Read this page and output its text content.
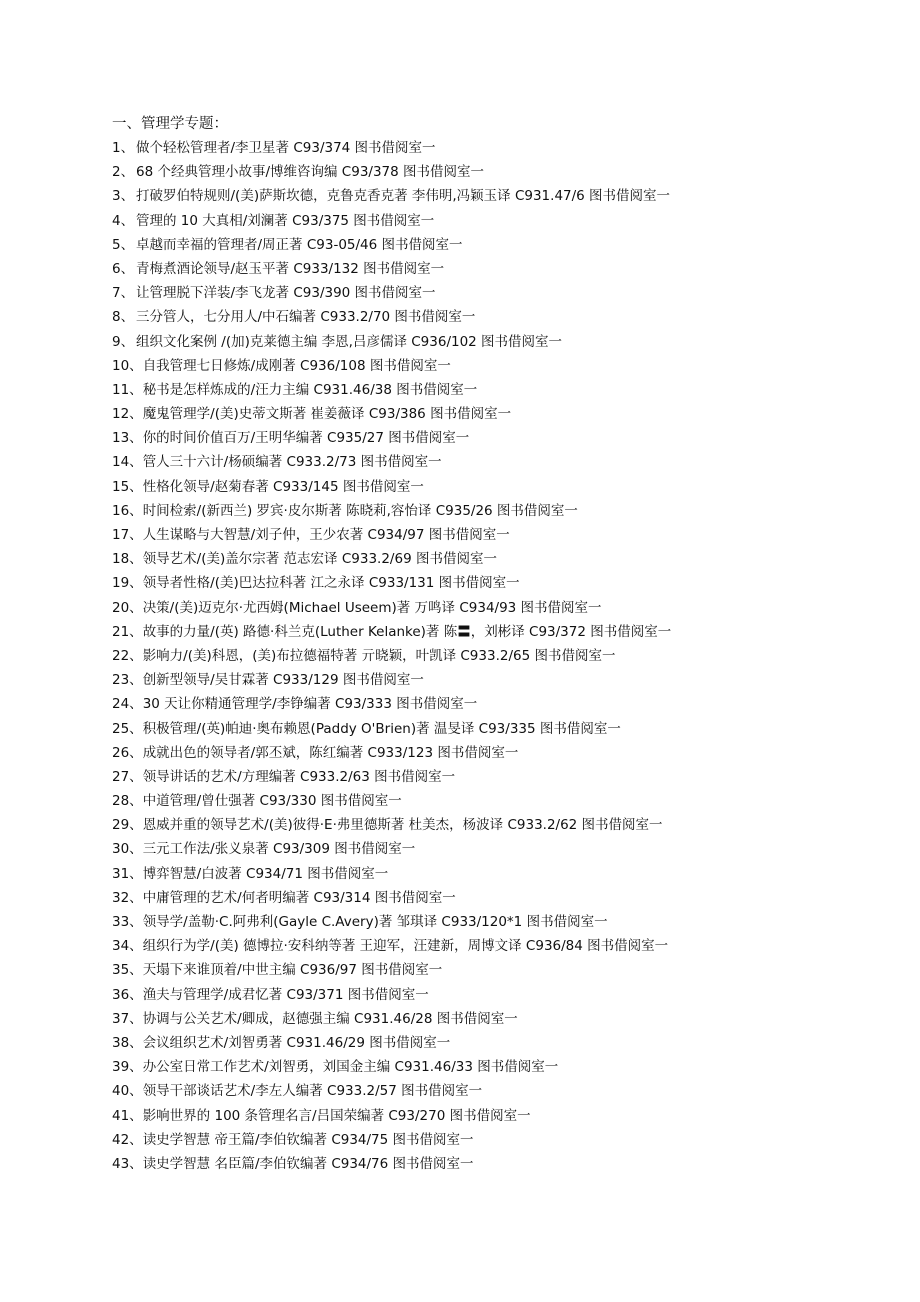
一、管理学专题：
1、 做个轻松管理者/李卫星著 C93/374 图书借阅室一
2、 68 个经典管理小故事/博维咨询编 C93/378 图书借阅室一
3、 打破罗伯特规则/(美)萨斯坎德，克鲁克香克著 李伟明,冯颖玉译 C931.47/6 图书借阅室一
4、 管理的 10 大真相/刘澜著 C93/375 图书借阅室一
5、 卓越而幸福的管理者/周正著 C93-05/46 图书借阅室一
6、 青梅煮酒论领导/赵玉平著 C933/132 图书借阅室一
7、 让管理脱下洋装/李飞龙著 C93/390 图书借阅室一
8、 三分管人，七分用人/中石编著 C933.2/70 图书借阅室一
9、 组织文化案例 /(加)克莱德主编 李恩,吕彦儒译 C936/102 图书借阅室一
10、自我管理七日修炼/成刚著 C936/108 图书借阅室一
11、秘书是怎样炼成的/汪力主编 C931.46/38 图书借阅室一
12、魔鬼管理学/(美)史蒂文斯著 崔姜薇译 C93/386 图书借阅室一
13、你的时间价值百万/王明华编著 C935/27 图书借阅室一
14、管人三十六计/杨硕编著 C933.2/73 图书借阅室一
15、性格化领导/赵菊春著 C933/145 图书借阅室一
16、时间检索/(新西兰) 罗宾·皮尔斯著 陈晓莉,容怡译 C935/26 图书借阅室一
17、人生谋略与大智慧/刘子仲，王少农著 C934/97 图书借阅室一
18、领导艺术/(美)盖尔宗著 范志宏译 C933.2/69 图书借阅室一
19、领导者性格/(美)巴达拉科著 江之永译 C933/131 图书借阅室一
20、决策/(美)迈克尔·尤西姆(Michael Useem)著 万鸣译 C934/93 图书借阅室一
21、故事的力量/(英) 路德·科兰克(Luther Kelanke)著 陈〓，刘彬译 C93/372 图书借阅室一
22、影响力/(美)科恩，(美)布拉德福特著 亓晓颖，叶凯译 C933.2/65 图书借阅室一
23、创新型领导/吴甘霖著 C933/129 图书借阅室一
24、30 天让你精通管理学/李铮编著 C93/333 图书借阅室一
25、积极管理/(英)帕迪·奥布赖恩(Paddy O'Brien)著 温旻译 C93/335 图书借阅室一
26、成就出色的领导者/郭丕斌，陈红编著 C933/123 图书借阅室一
27、领导讲话的艺术/方理编著 C933.2/63 图书借阅室一
28、中道管理/曾仕强著 C93/330 图书借阅室一
29、恩威并重的领导艺术/(美)彼得·E·弗里德斯著 杜美杰，杨波译 C933.2/62 图书借阅室一
30、三元工作法/张义泉著 C93/309 图书借阅室一
31、博弈智慧/白波著 C934/71 图书借阅室一
32、中庸管理的艺术/何者明编著 C93/314 图书借阅室一
33、领导学/盖勒·C.阿弗利(Gayle C.Avery)著 邹琪译 C933/120*1 图书借阅室一
34、组织行为学/(美) 德博拉·安科纳等著 王迎军，汪建新，周博文译 C936/84 图书借阅室一
35、天塌下来谁顶着/中世主编 C936/97 图书借阅室一
36、渔夫与管理学/成君忆著 C93/371 图书借阅室一
37、协调与公关艺术/卿成，赵德强主编 C931.46/28 图书借阅室一
38、会议组织艺术/刘智勇著 C931.46/29 图书借阅室一
39、办公室日常工作艺术/刘智勇，刘国金主编 C931.46/33 图书借阅室一
40、领导干部谈话艺术/李左人编著 C933.2/57 图书借阅室一
41、影响世界的 100 条管理名言/吕国荣编著 C93/270 图书借阅室一
42、读史学智慧 帝王篇/李伯钦编著 C934/75 图书借阅室一
43、读史学智慧 名臣篇/李伯钦编著 C934/76 图书借阅室一
